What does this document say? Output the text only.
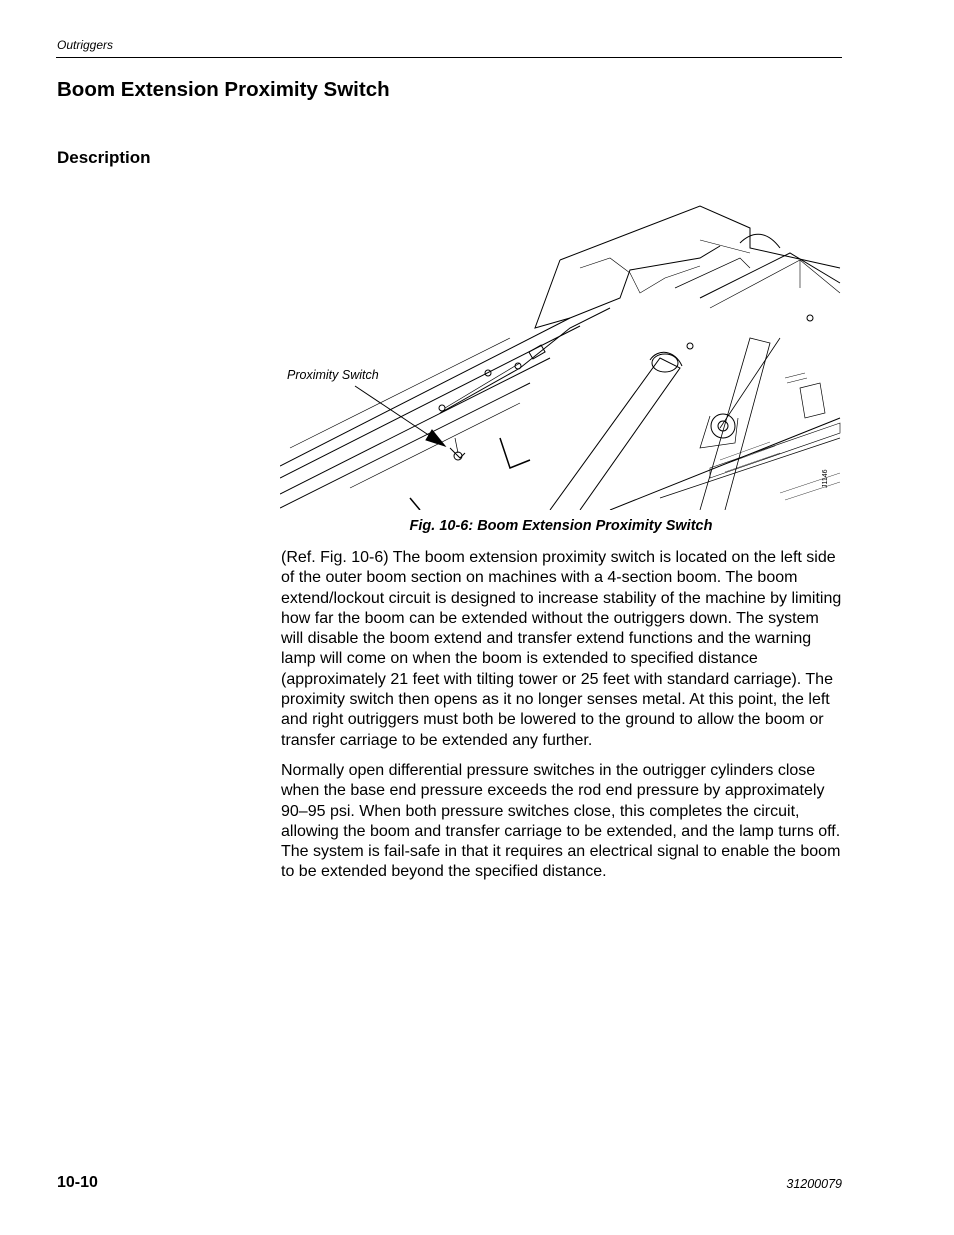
Outriggers
Boom Extension Proximity Switch
Description
Proximity Switch
J1146
Fig. 10-6: Boom Extension Proximity Switch

(Ref. Fig. 10-6) The boom extension proximity switch is located on the left side of the outer boom section on machines with a 4-section boom. The boom extend/lockout circuit is designed to increase stability of the machine by limiting how far the boom can be extended without the outriggers down. The system will disable the boom extend and transfer extend functions and the warning lamp will come on when the boom is extended to specified distance (approximately 21 feet with tilting tower or 25 feet with standard carriage). The proximity switch then opens as it no longer senses metal. At this point, the left and right outriggers must both be lowered to the ground to allow the boom or transfer carriage to be extended any further.

Normally open differential pressure switches in the outrigger cylinders close when the base end pressure exceeds the rod end pressure by approximately 90–95 psi. When both pressure switches close, this completes the circuit, allowing the boom and transfer carriage to be extended, and the lamp turns off. The system is fail-safe in that it requires an electrical signal to enable the boom to be extended beyond the specified distance.

10-10	31200079
